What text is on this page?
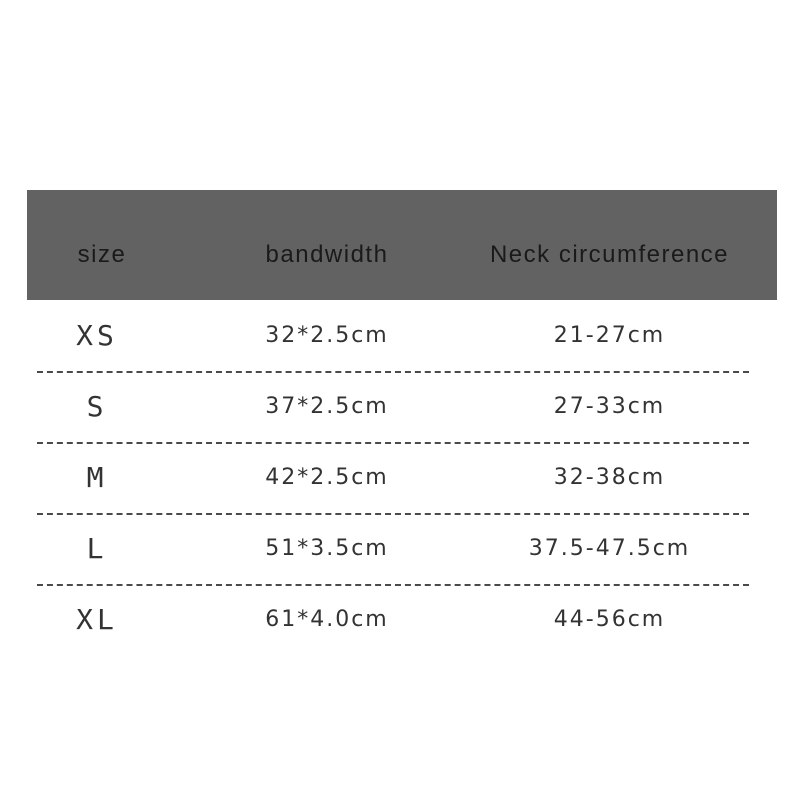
size	bandwidth	Neck circumference
XS	32*2.5cm	21-27cm
S	37*2.5cm	27-33cm
M	42*2.5cm	32-38cm
L	51*3.5cm	37.5-47.5cm
XL	61*4.0cm	44-56cm
